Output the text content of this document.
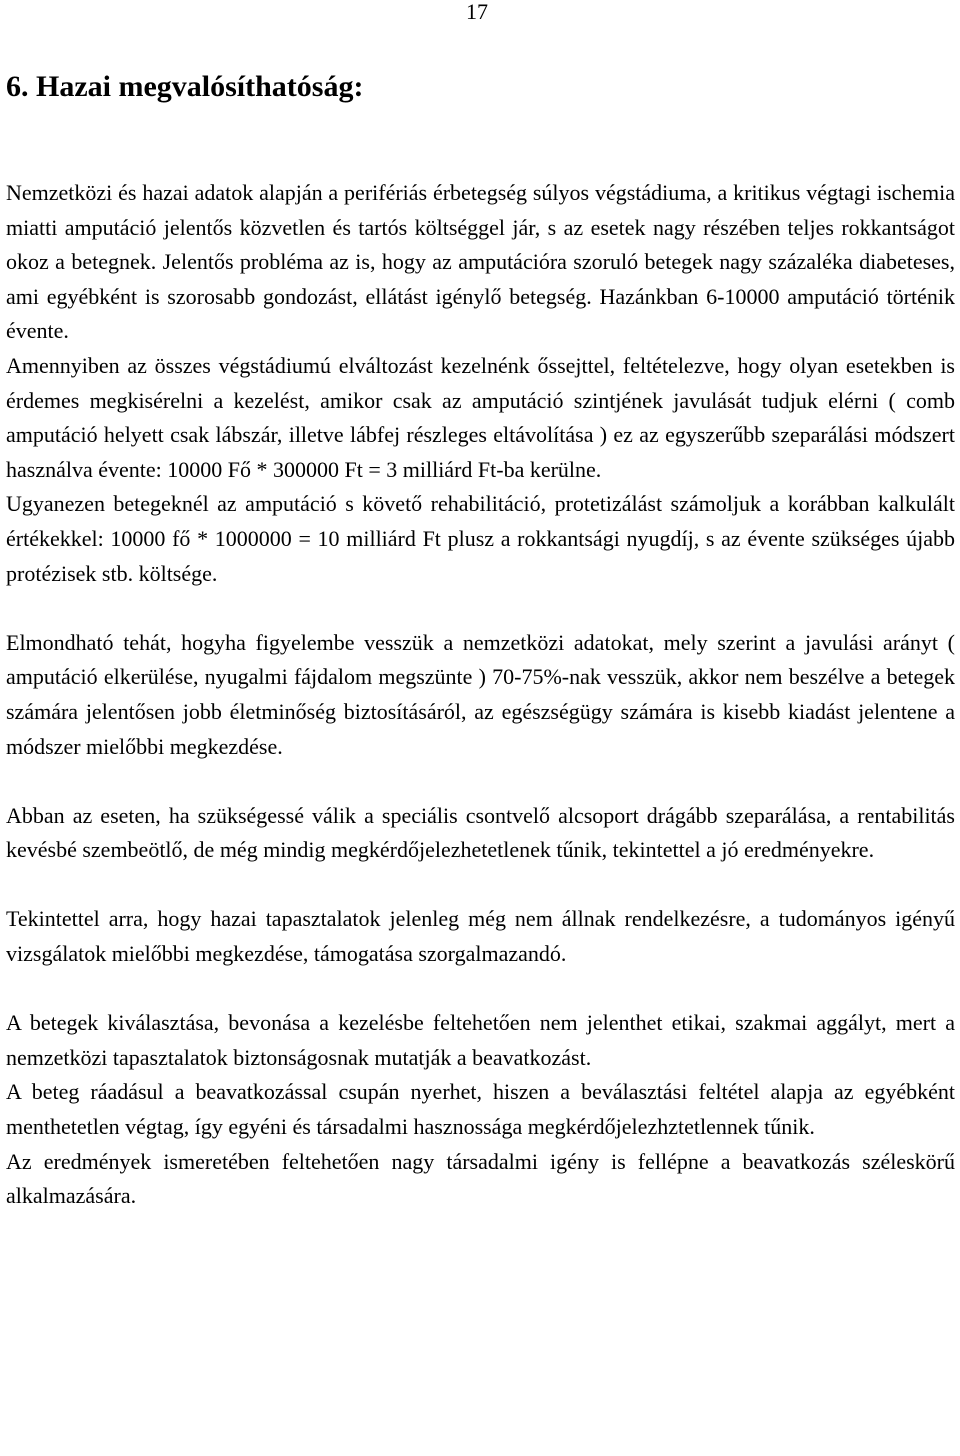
17
6. Hazai megvalósíthatóság:

Nemzetközi és hazai adatok alapján a perifériás érbetegség súlyos végstádiuma, a kritikus végtagi ischemia miatti amputáció jelentős közvetlen és tartós költséggel jár, s az esetek nagy részében teljes rokkantságot okoz a betegnek. Jelentős probléma az is, hogy az amputációra szoruló betegek nagy százaléka diabeteses, ami egyébként is szorosabb gondozást, ellátást igénylő betegség. Hazánkban 6-10000 amputáció történik évente.

Amennyiben az összes végstádiumú elváltozást kezelnénk őssejttel, feltételezve, hogy olyan esetekben is érdemes megkisérelni a kezelést, amikor csak az amputáció szintjének javulását tudjuk elérni ( comb amputáció helyett csak lábszár, illetve lábfej részleges eltávolítása ) ez az egyszerűbb szeparálási módszert használva évente: 10000 Fő * 300000 Ft = 3 milliárd Ft-ba kerülne.

Ugyanezen betegeknél az amputáció s követő rehabilitáció, protetizálást számoljuk a korábban kalkulált értékekkel: 10000 fő * 1000000 = 10 milliárd Ft plusz a rokkantsági nyugdíj, s az évente szükséges újabb protézisek stb. költsége.

Elmondható tehát, hogyha figyelembe vesszük a nemzetközi adatokat, mely szerint a javulási arányt ( amputáció elkerülése, nyugalmi fájdalom megszünte ) 70-75%-nak vesszük, akkor nem beszélve a betegek számára jelentősen jobb életminőség biztosításáról, az egészségügy számára is kisebb kiadást jelentene a módszer mielőbbi megkezdése.

Abban az eseten, ha szükségessé válik a speciális csontvelő alcsoport drágább szeparálása, a rentabilitás kevésbé szembeötlő, de még mindig megkérdőjelezhetetlenek tűnik, tekintettel a jó eredményekre.

Tekintettel arra, hogy hazai tapasztalatok jelenleg még nem állnak rendelkezésre, a tudományos igényű vizsgálatok mielőbbi megkezdése, támogatása szorgalmazandó.

A betegek kiválasztása, bevonása a kezelésbe feltehetően nem jelenthet etikai, szakmai aggályt, mert a nemzetközi tapasztalatok biztonságosnak mutatják a beavatkozást.

A beteg ráadásul a beavatkozással csupán nyerhet, hiszen a beválasztási feltétel alapja az egyébként menthetetlen végtag, így egyéni és társadalmi hasznossága megkérdőjelezhztetlennek tűnik.

Az eredmények ismeretében feltehetően nagy társadalmi igény is fellépne a beavatkozás széleskörű alkalmazására.
